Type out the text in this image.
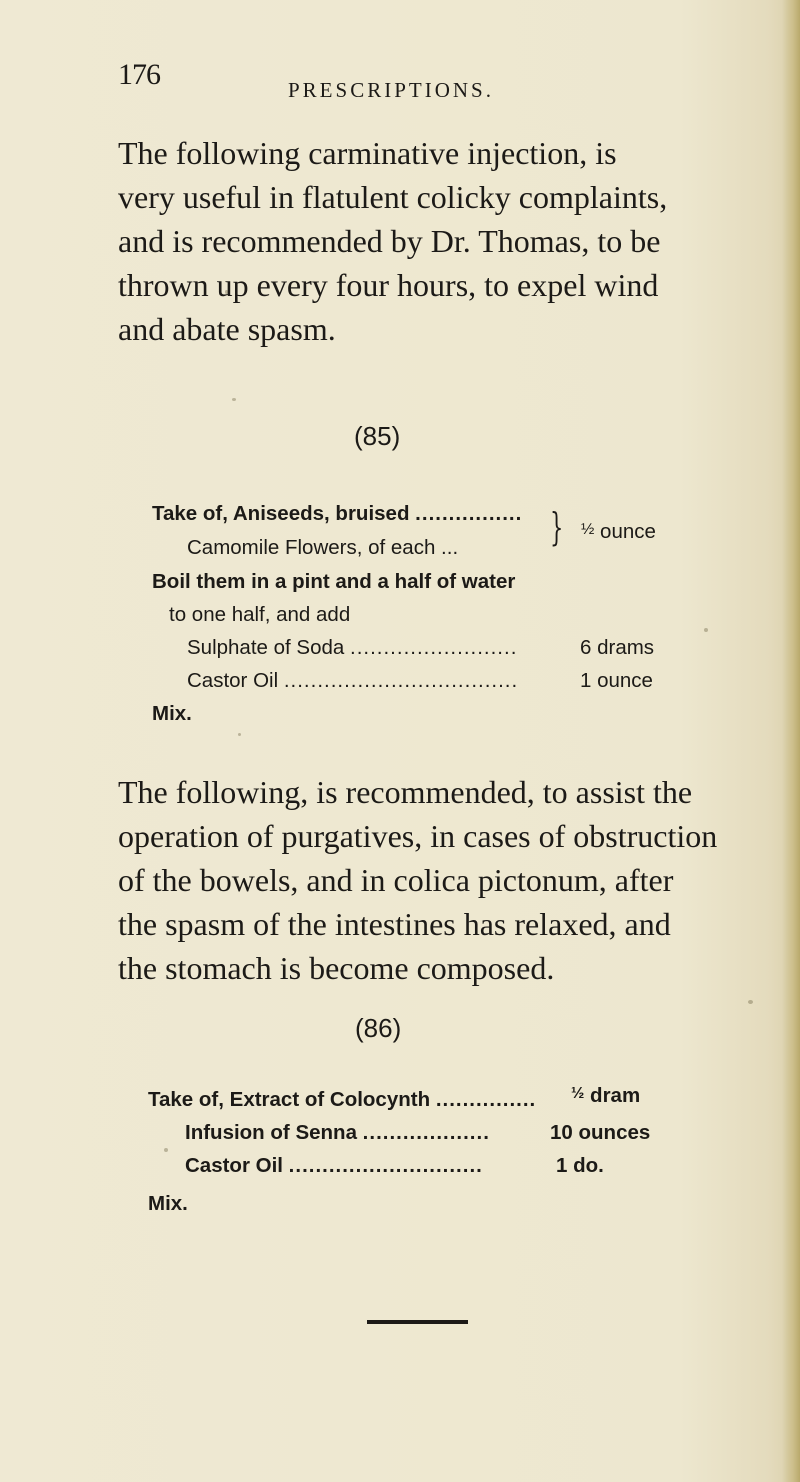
176	PRESCRIPTIONS.

The following carminative injection, is
very useful in flatulent colicky complaints,
and is recommended by Dr. Thomas, to be
thrown up every four hours, to expel wind
and abate spasm.

(85)
Take of, Aniseeds, bruised ................
Camomile Flowers, of each ... } ½ ounce
Boil them in a pint and a half of water
to one half, and add
Sulphate of Soda .........................	6 drams
Castor Oil ...................................	1 ounce
Mix.

The following, is recommended, to assist the
operation of purgatives, in cases of obstruction
of the bowels, and in colica pictonum, after
the spasm of the intestines has relaxed, and
the stomach is become composed.

(86)
Take of, Extract of Colocynth ............... ½ dram
Infusion of Senna ...................	10 ounces
Castor Oil .............................	1 do.
Mix.
